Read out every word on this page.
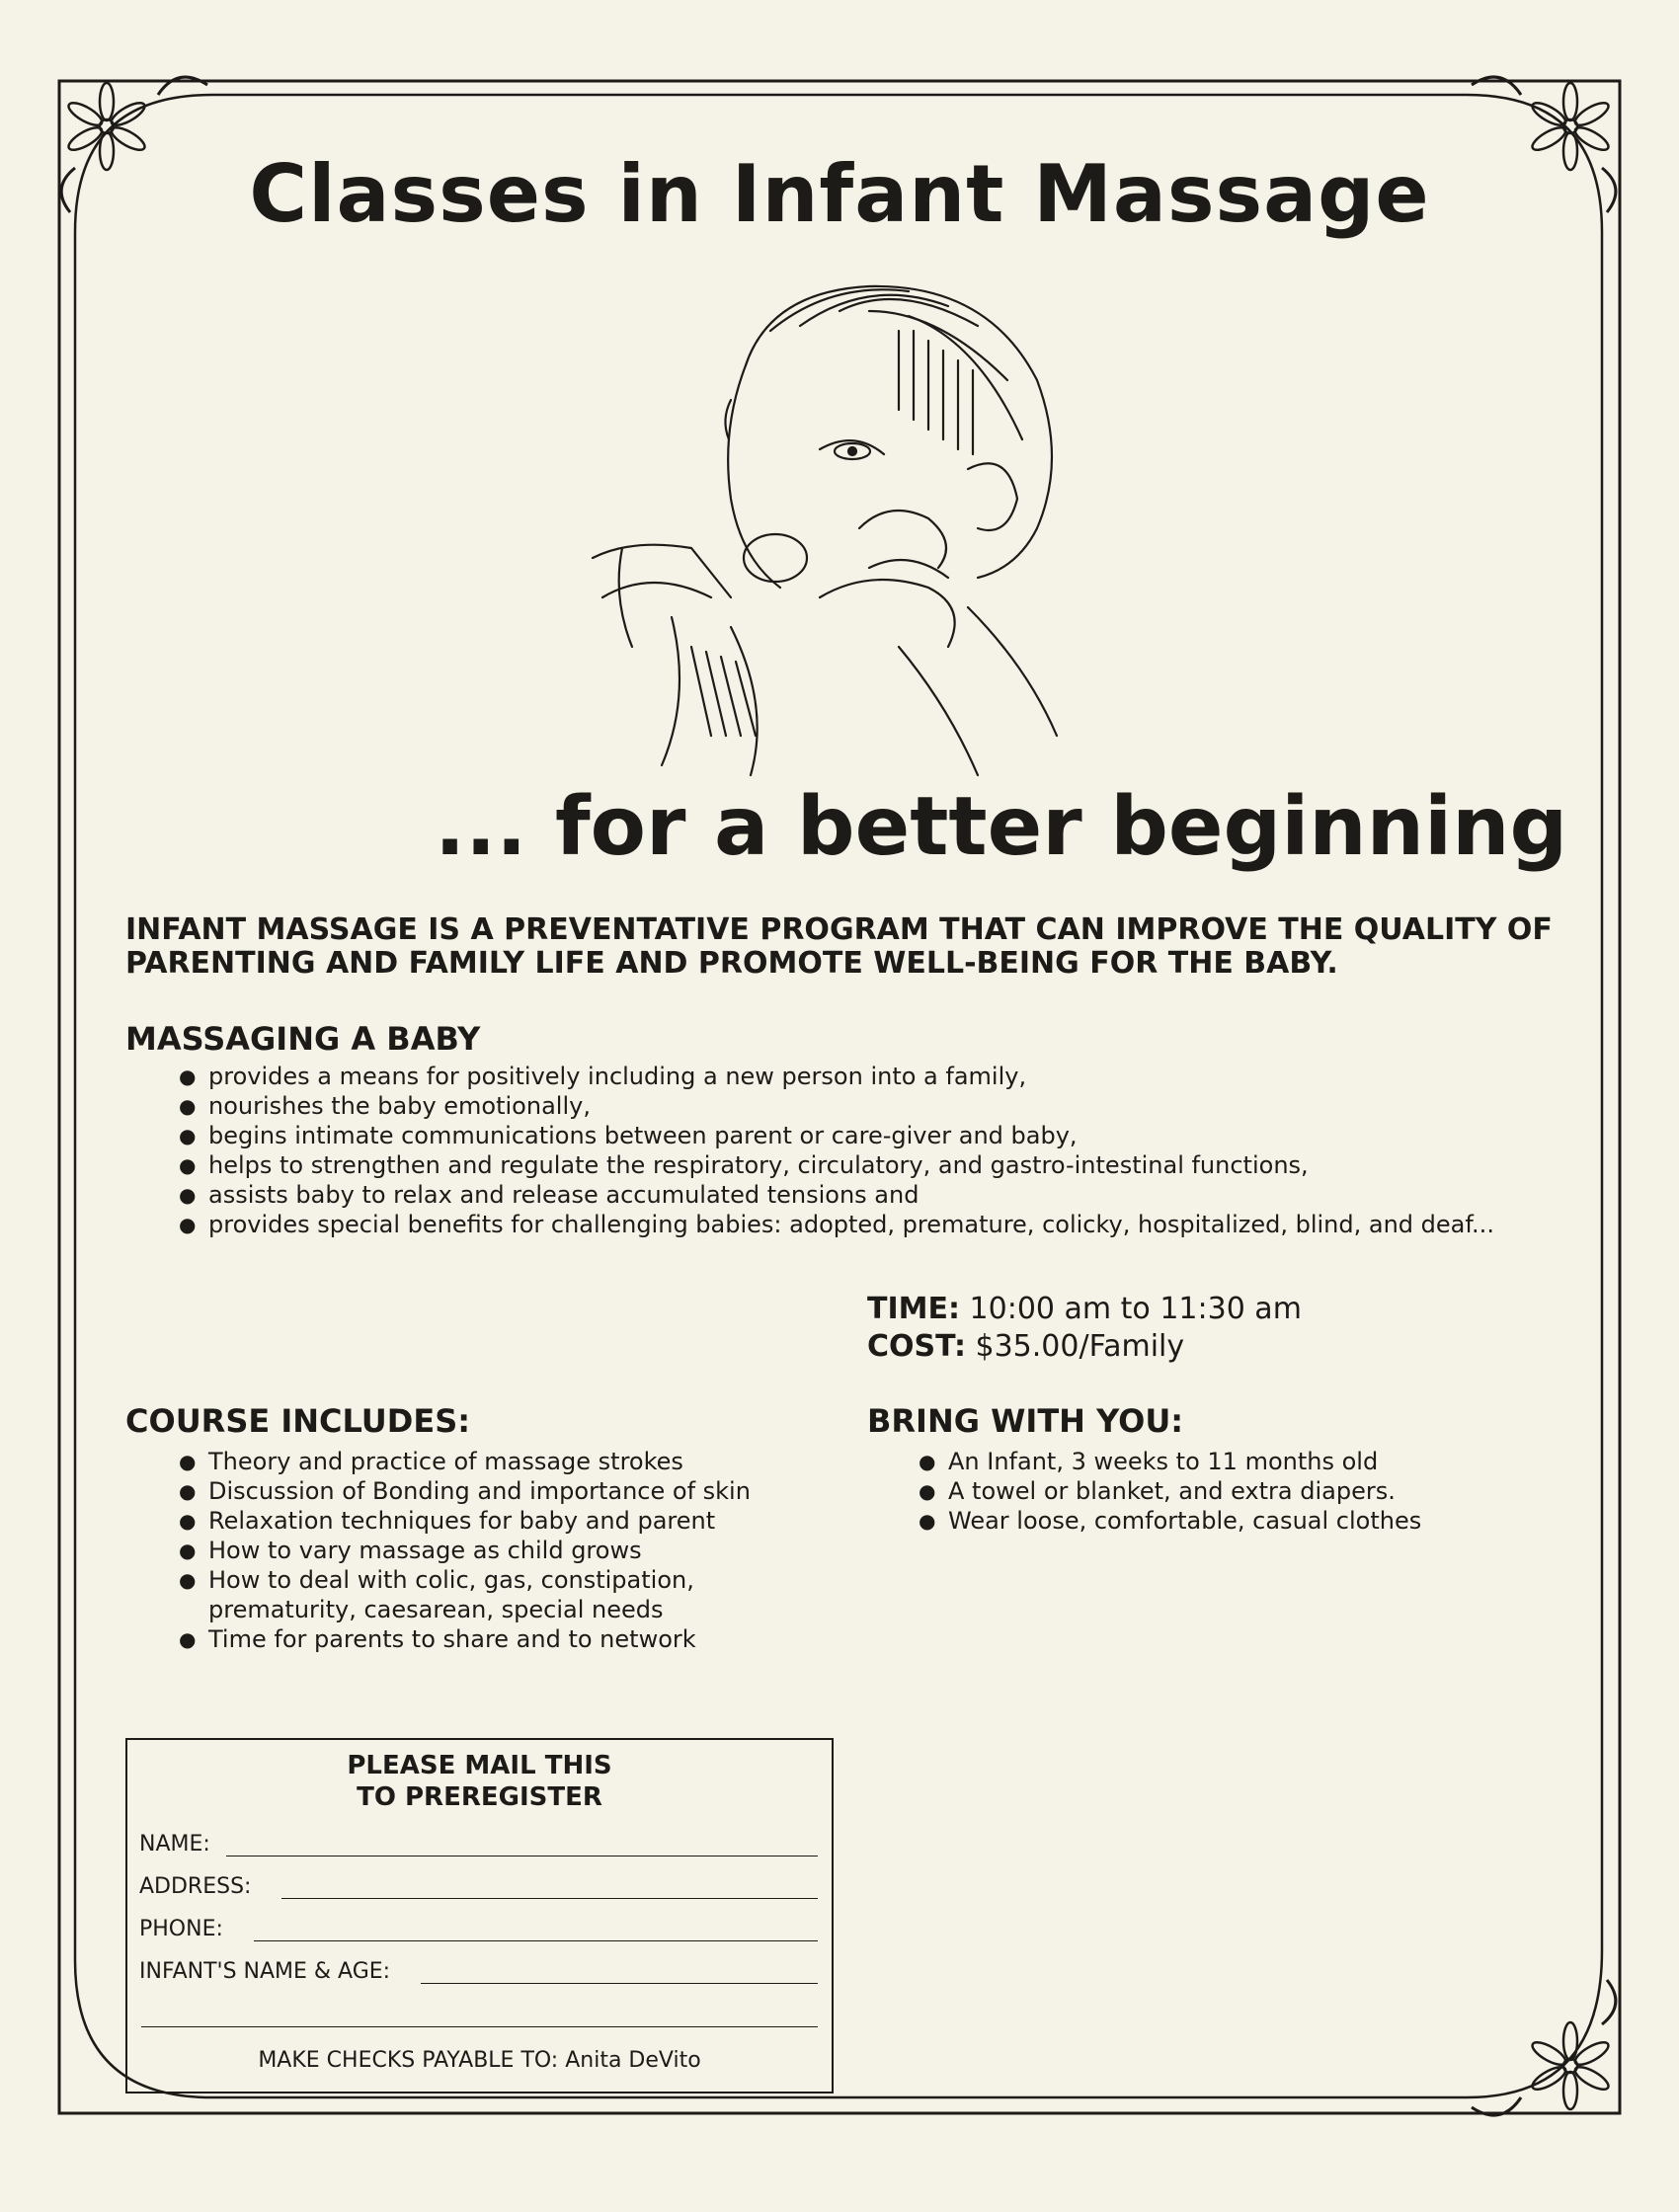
Classes in Infant Massage
... for a better beginning

INFANT MASSAGE IS A PREVENTATIVE PROGRAM THAT CAN IMPROVE THE QUALITY OF PARENTING AND FAMILY LIFE AND PROMOTE WELL-BEING FOR THE BABY.

MASSAGING A BABY
● provides a means for positively including a new person into a family,
● nourishes the baby emotionally,
● begins intimate communications between parent or care-giver and baby,
● helps to strengthen and regulate the respiratory, circulatory, and gastro-intestinal functions,
● assists baby to relax and release accumulated tensions and
● provides special benefits for challenging babies: adopted, premature, colicky, hospitalized, blind, and deaf...
TIME: 10:00 am to 11:30 am
COST: $35.00/Family
COURSE INCLUDES:
● Theory and practice of massage strokes
● Discussion of Bonding and importance of skin
● Relaxation techniques for baby and parent
● How to vary massage as child grows
● How to deal with colic, gas, constipation, prematurity, caesarean, special needs
● Time for parents to share and to network
BRING WITH YOU:
● An Infant, 3 weeks to 11 months old
● A towel or blanket, and extra diapers.
● Wear loose, comfortable, casual clothes
PLEASE MAIL THIS
TO PREREGISTER
NAME:
ADDRESS:
PHONE:
INFANT'S NAME & AGE:
MAKE CHECKS PAYABLE TO: Anita DeVito
